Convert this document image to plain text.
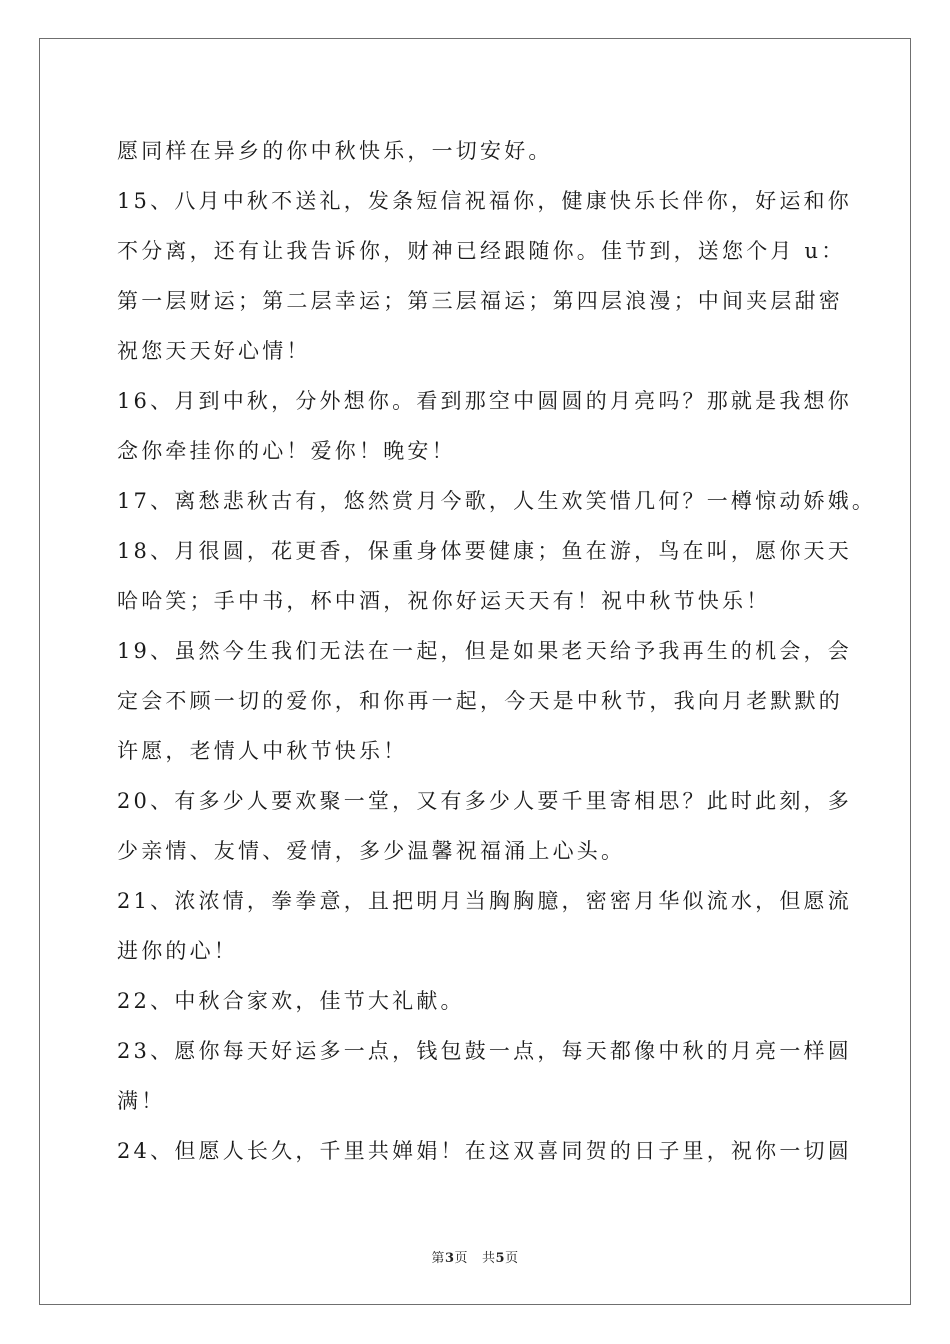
愿同样在异乡的你中秋快乐，一切安好。
15、八月中秋不送礼，发条短信祝福你，健康快乐长伴你，好运和你
不分离，还有让我告诉你，财神已经跟随你。佳节到，送您个月 u：
第一层财运；第二层幸运；第三层福运；第四层浪漫；中间夹层甜密
祝您天天好心情！
16、月到中秋，分外想你。看到那空中圆圆的月亮吗？那就是我想你
念你牵挂你的心！爱你！晚安！
17、离愁悲秋古有，悠然赏月今歌，人生欢笑惜几何？一樽惊动娇娥。
18、月很圆，花更香，保重身体要健康；鱼在游，鸟在叫，愿你天天
哈哈笑；手中书，杯中酒，祝你好运天天有！祝中秋节快乐！
19、虽然今生我们无法在一起，但是如果老天给予我再生的机会，会
定会不顾一切的爱你，和你再一起，今天是中秋节，我向月老默默的
许愿，老情人中秋节快乐！
20、有多少人要欢聚一堂，又有多少人要千里寄相思？此时此刻，多
少亲情、友情、爱情，多少温馨祝福涌上心头。
21、浓浓情，拳拳意，且把明月当胸胸臆，密密月华似流水，但愿流
进你的心！
22、中秋合家欢，佳节大礼献。
23、愿你每天好运多一点，钱包鼓一点，每天都像中秋的月亮一样圆
满！
24、但愿人长久，千里共婵娟！在这双喜同贺的日子里，祝你一切圆
第3页 共5页
